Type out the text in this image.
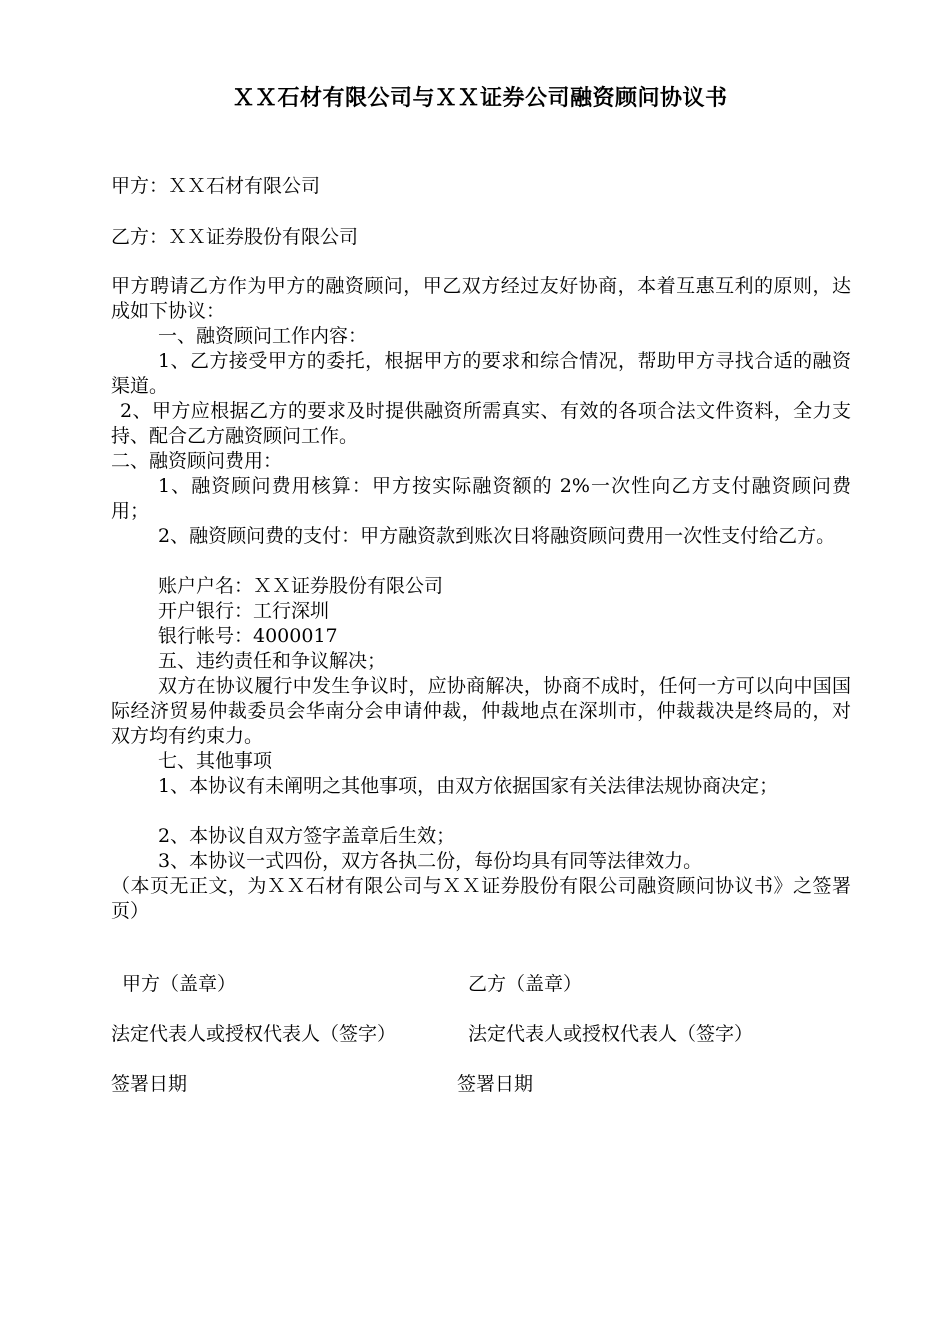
ＸＸ石材有限公司与ＸＸ证券公司融资顾问协议书
甲方：ＸＸ石材有限公司
乙方：ＸＸ证券股份有限公司
甲方聘请乙方作为甲方的融资顾问，甲乙双方经过友好协商，本着互惠互利的原则，达成如下协议：
一、融资顾问工作内容：
1、乙方接受甲方的委托，根据甲方的要求和综合情况，帮助甲方寻找合适的融资渠道。
2、甲方应根据乙方的要求及时提供融资所需真实、有效的各项合法文件资料，全力支持、配合乙方融资顾问工作。
二、融资顾问费用：
1、融资顾问费用核算：甲方按实际融资额的 2%一次性向乙方支付融资顾问费用；
2、融资顾问费的支付：甲方融资款到账次日将融资顾问费用一次性支付给乙方。
账户户名：ＸＸ证券股份有限公司
开户银行：工行深圳
银行帐号：4000017
五、违约责任和争议解决；
双方在协议履行中发生争议时，应协商解决，协商不成时，任何一方可以向中国国际经济贸易仲裁委员会华南分会申请仲裁，仲裁地点在深圳市，仲裁裁决是终局的，对双方均有约束力。
七、其他事项
1、本协议有未阐明之其他事项，由双方依据国家有关法律法规协商决定；
2、本协议自双方签字盖章后生效；
3、本协议一式四份，双方各执二份，每份均具有同等法律效力。
（本页无正文，为ＸＸ石材有限公司与ＸＸ证券股份有限公司融资顾问协议书》之签署页）
甲方（盖章）	乙方（盖章）
法定代表人或授权代表人（签字）	法定代表人或授权代表人（签字）
签署日期	签署日期
